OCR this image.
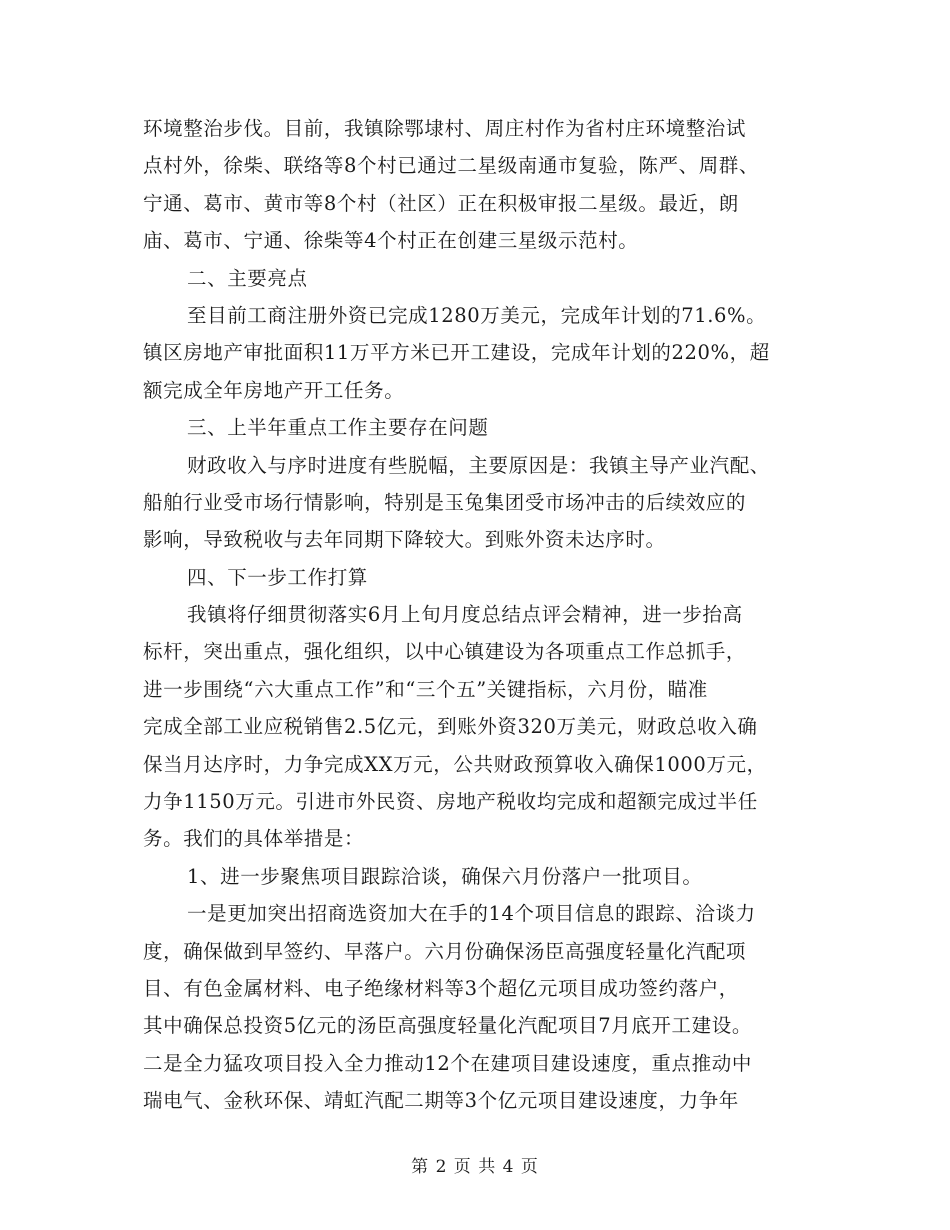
环境整治步伐。目前，我镇除鄂埭村、周庄村作为省村庄环境整治试
点村外，徐柴、联络等8个村已通过二星级南通市复验，陈严、周群、
宁通、葛市、黄市等8个村（社区）正在积极审报二星级。最近，朗
庙、葛市、宁通、徐柴等4个村正在创建三星级示范村。
二、主要亮点
至目前工商注册外资已完成1280万美元，完成年计划的71.6%。
镇区房地产审批面积11万平方米已开工建设，完成年计划的220%，超
额完成全年房地产开工任务。
三、上半年重点工作主要存在问题
财政收入与序时进度有些脱幅，主要原因是：我镇主导产业汽配、
船舶行业受市场行情影响，特别是玉兔集团受市场冲击的后续效应的
影响，导致税收与去年同期下降较大。到账外资未达序时。
四、下一步工作打算
我镇将仔细贯彻落实6月上旬月度总结点评会精神，进一步抬高
标杆，突出重点，强化组织，以中心镇建设为各项重点工作总抓手，
进一步围绕“六大重点工作”和“三个五”关键指标，六月份，瞄准
完成全部工业应税销售2.5亿元，到账外资320万美元，财政总收入确
保当月达序时，力争完成XX万元，公共财政预算收入确保1000万元，
力争1150万元。引进市外民资、房地产税收均完成和超额完成过半任
务。我们的具体举措是：
1、进一步聚焦项目跟踪洽谈，确保六月份落户一批项目。
一是更加突出招商选资加大在手的14个项目信息的跟踪、洽谈力
度，确保做到早签约、早落户。六月份确保汤臣高强度轻量化汽配项
目、有色金属材料、电子绝缘材料等3个超亿元项目成功签约落户，
其中确保总投资5亿元的汤臣高强度轻量化汽配项目7月底开工建设。
二是全力猛攻项目投入全力推动12个在建项目建设速度，重点推动中
瑞电气、金秋环保、靖虹汽配二期等3个亿元项目建设速度，力争年
第 2 页 共 4 页
